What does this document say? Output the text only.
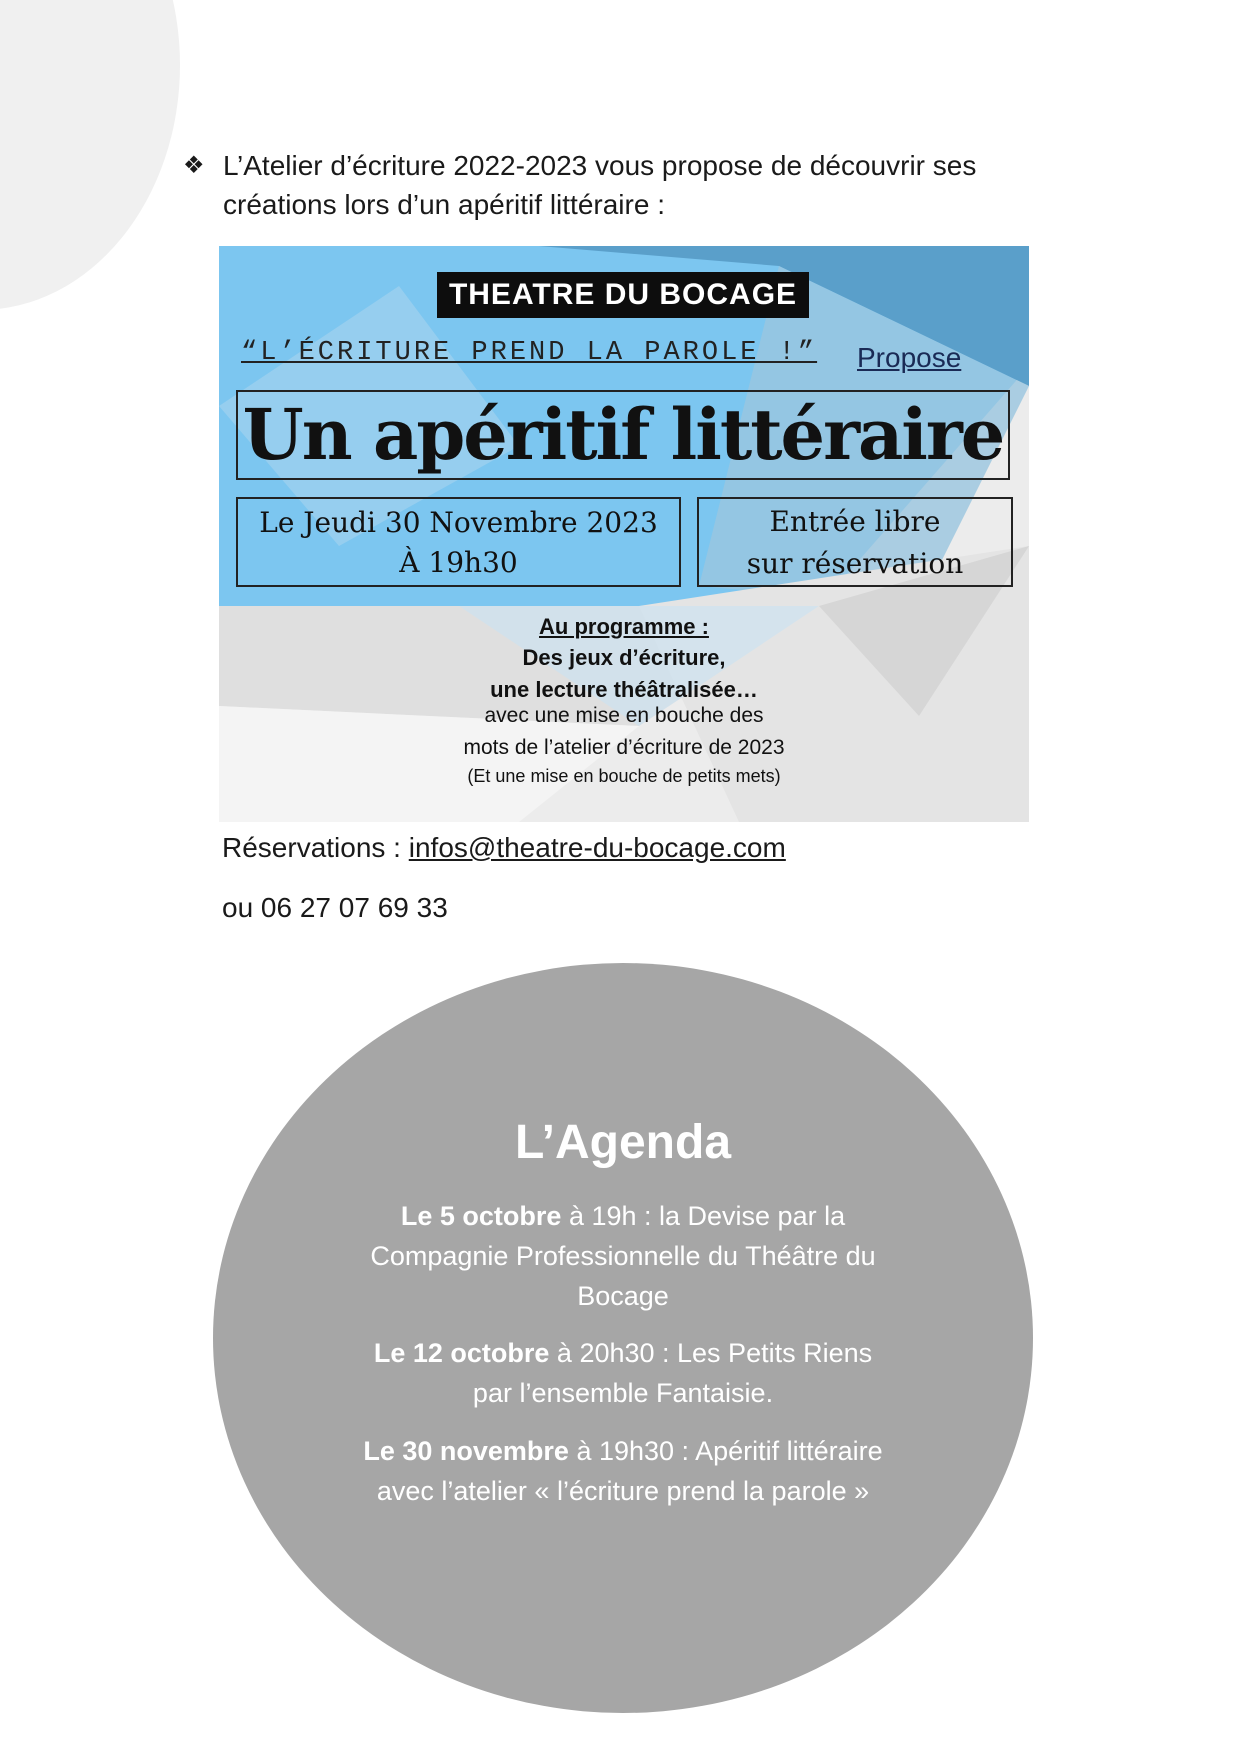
❖ L’Atelier d’écriture 2022-2023 vous propose de découvrir ses créations lors d’un apéritif littéraire :
THEATRE DU BOCAGE
“L’ÉCRITURE PREND LA PAROLE !” Propose
Un apéritif littéraire
Le Jeudi 30 Novembre 2023
À 19h30
Entrée libre
sur réservation
Au programme :
Des jeux d’écriture,
une lecture théâtralisée…
avec une mise en bouche des
mots de l’atelier d’écriture de 2023
(Et une mise en bouche de petits mets)
Réservations : infos@theatre-du-bocage.com
ou 06 27 07 69 33
L’Agenda
Le 5 octobre à 19h : la Devise par la Compagnie Professionnelle du Théâtre du Bocage
Le 12 octobre à 20h30 : Les Petits Riens par l’ensemble Fantaisie.
Le 30 novembre à 19h30 : Apéritif littéraire avec l’atelier « l’écriture prend la parole »
